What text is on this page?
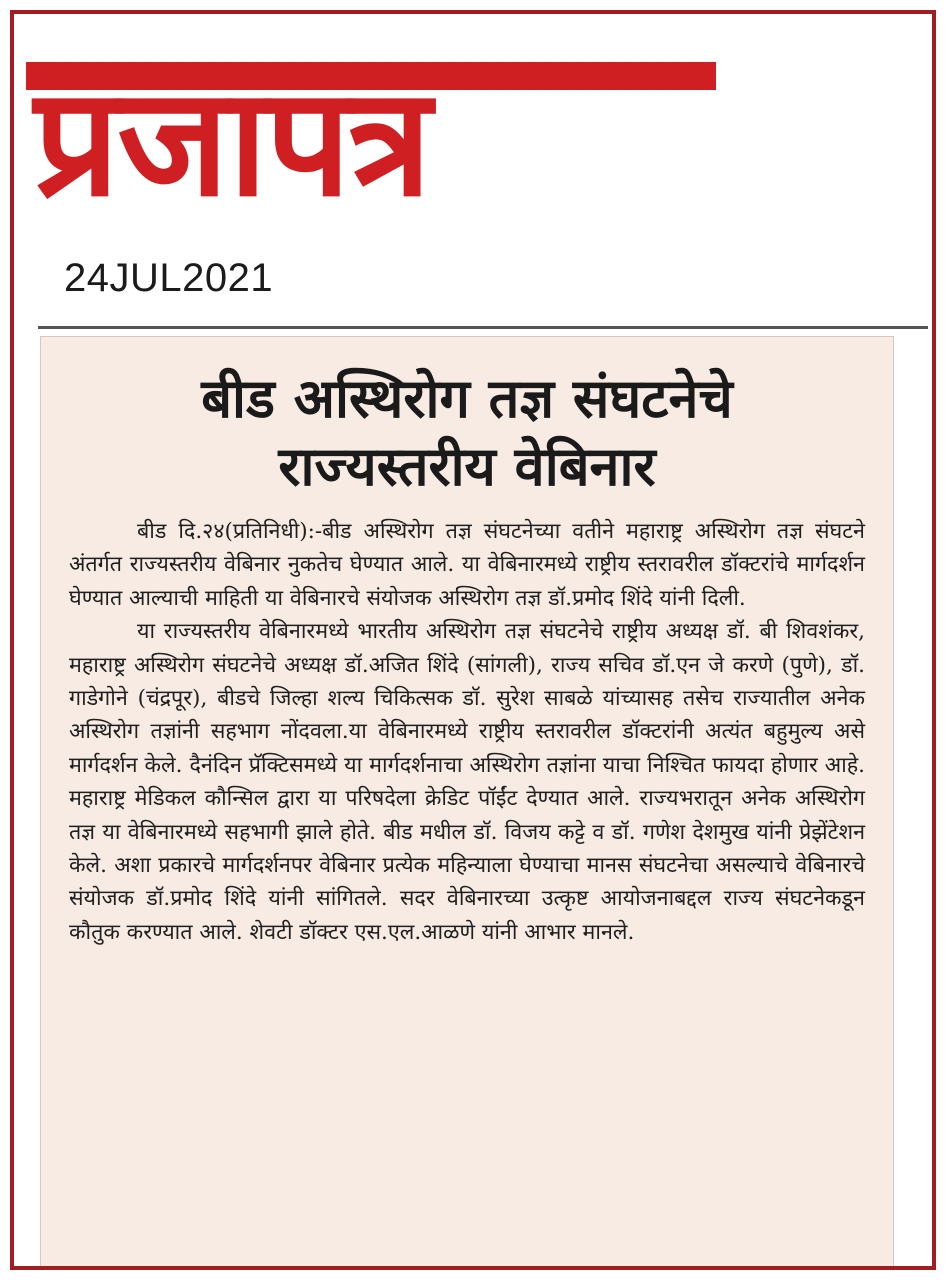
प्रजापत्र
24JUL2021
बीड अस्थिरोग तज्ञ संघटनेचे
राज्यस्तरीय वेबिनार

बीड दि.२४(प्रतिनिधी):-बीड अस्थिरोग तज्ञ संघटनेच्या वतीने महाराष्ट्र अस्थिरोग तज्ञ संघटने अंतर्गत राज्यस्तरीय वेबिनार नुकतेच घेण्यात आले. या वेबिनारमध्ये राष्ट्रीय स्तरावरील डॉक्टरांचे मार्गदर्शन घेण्यात आल्याची माहिती या वेबिनारचे संयोजक अस्थिरोग तज्ञ डॉ.प्रमोद शिंदे यांनी दिली.

या राज्यस्तरीय वेबिनारमध्ये भारतीय अस्थिरोग तज्ञ संघटनेचे राष्ट्रीय अध्यक्ष डॉ. बी शिवशंकर, महाराष्ट्र अस्थिरोग संघटनेचे अध्यक्ष डॉ.अजित शिंदे (सांगली), राज्य सचिव डॉ.एन जे करणे (पुणे), डॉ. गाडेगोने (चंद्रपूर), बीडचे जिल्हा शल्य चिकित्सक डॉ. सुरेश साबळे यांच्यासह तसेच राज्यातील अनेक अस्थिरोग तज्ञांनी सहभाग नोंदवला.या वेबिनारमध्ये राष्ट्रीय स्तरावरील डॉक्टरांनी अत्यंत बहुमुल्य असे मार्गदर्शन केले. दैनंदिन प्रॅक्टिसमध्ये या मार्गदर्शनाचा अस्थिरोग तज्ञांना याचा निश्चित फायदा होणार आहे. महाराष्ट्र मेडिकल कौन्सिल द्वारा या परिषदेला क्रेडिट पॉईंट देण्यात आले. राज्यभरातून अनेक अस्थिरोग तज्ञ या वेबिनारमध्ये सहभागी झाले होते. बीड मधील डॉ. विजय कट्टे व डॉ. गणेश देशमुख यांनी प्रेझेंटेशन केले. अशा प्रकारचे मार्गदर्शनपर वेबिनार प्रत्येक महिन्याला घेण्याचा मानस संघटनेचा असल्याचे वेबिनारचे संयोजक डॉ.प्रमोद शिंदे यांनी सांगितले. सदर वेबिनारच्या उत्कृष्ट आयोजनाबद्दल राज्य संघटनेकडून कौतुक करण्यात आले. शेवटी डॉक्टर एस.एल.आळणे यांनी आभार मानले.
